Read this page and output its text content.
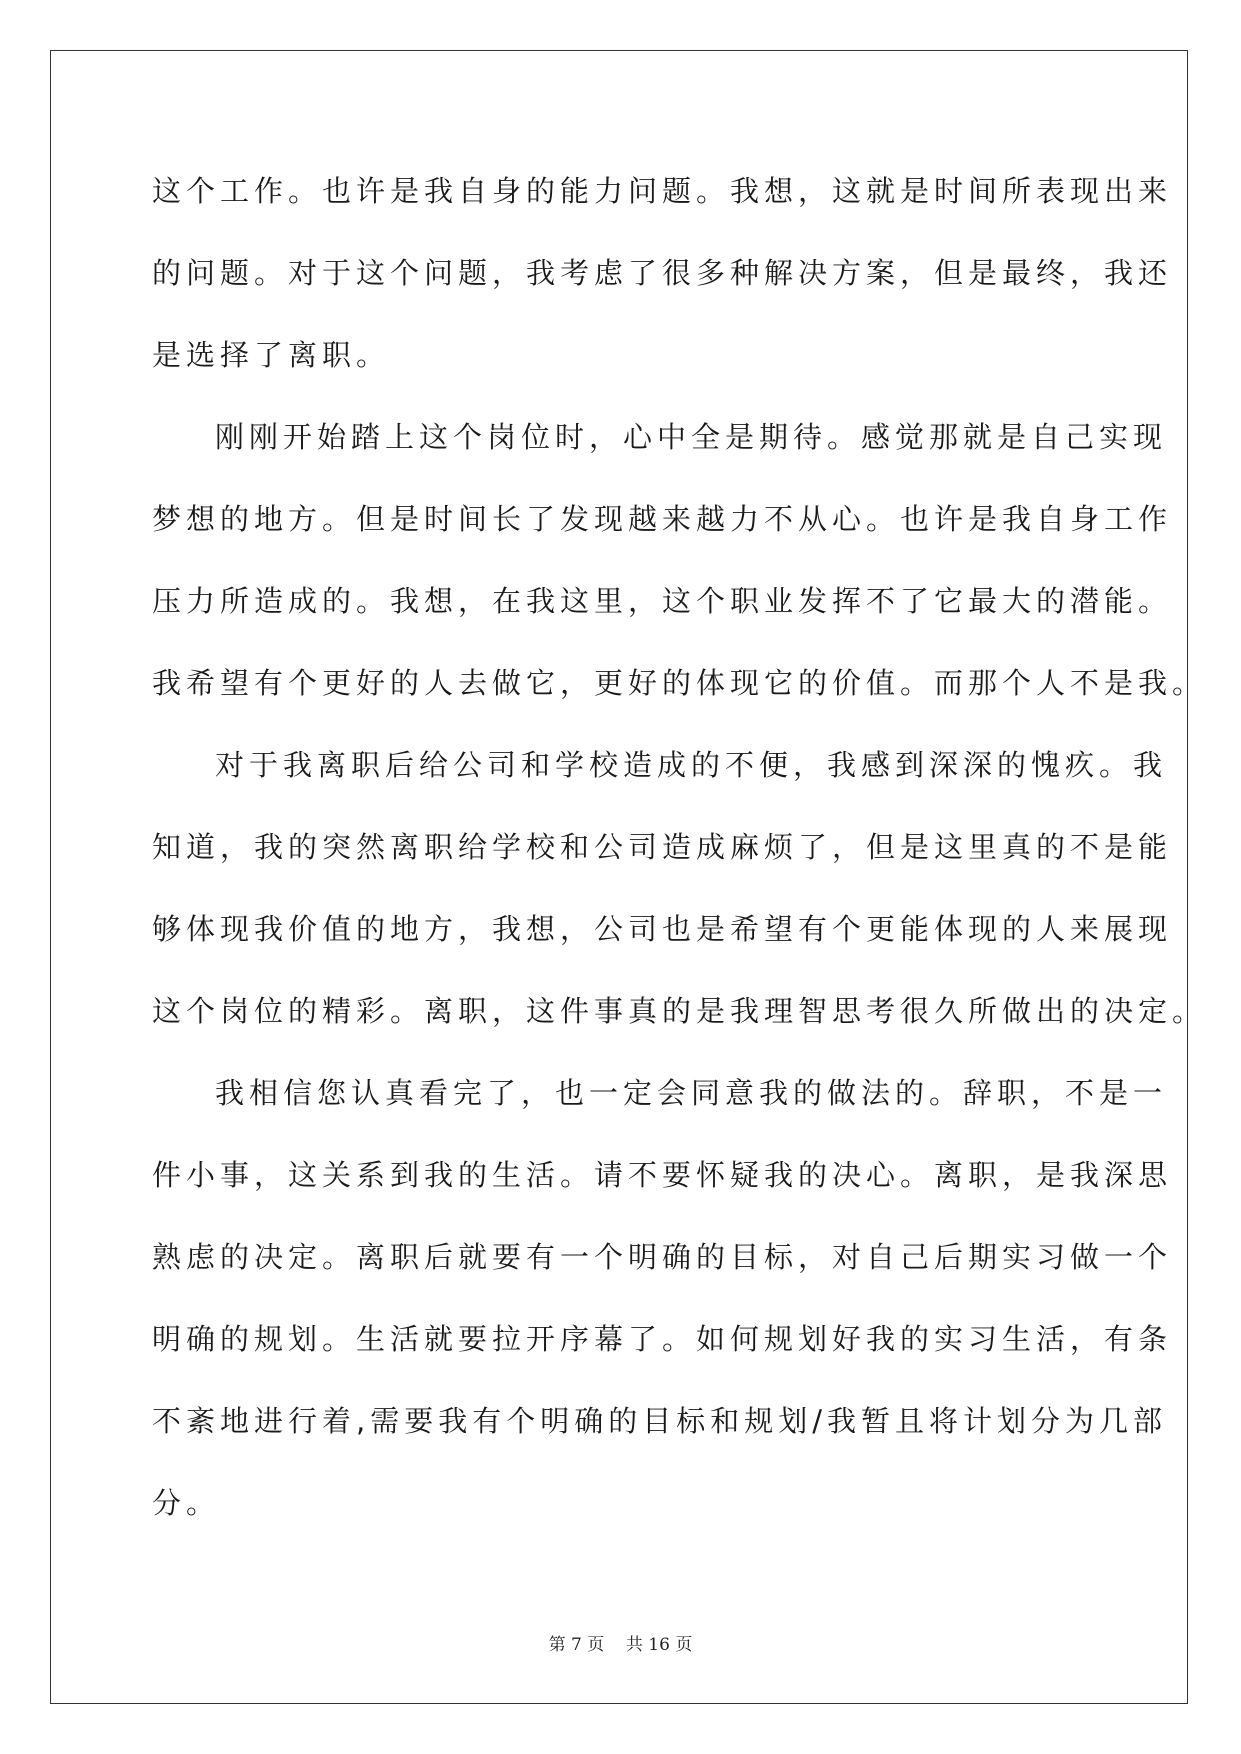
这个工作。也许是我自身的能力问题。我想，这就是时间所表现出来
的问题。对于这个问题，我考虑了很多种解决方案，但是最终，我还
是选择了离职。
刚刚开始踏上这个岗位时，心中全是期待。感觉那就是自己实现
梦想的地方。但是时间长了发现越来越力不从心。也许是我自身工作
压力所造成的。我想，在我这里，这个职业发挥不了它最大的潜能。
我希望有个更好的人去做它，更好的体现它的价值。而那个人不是我。
对于我离职后给公司和学校造成的不便，我感到深深的愧疚。我
知道，我的突然离职给学校和公司造成麻烦了，但是这里真的不是能
够体现我价值的地方，我想，公司也是希望有个更能体现的人来展现
这个岗位的精彩。离职，这件事真的是我理智思考很久所做出的决定。
我相信您认真看完了，也一定会同意我的做法的。辞职，不是一
件小事，这关系到我的生活。请不要怀疑我的决心。离职，是我深思
熟虑的决定。离职后就要有一个明确的目标，对自己后期实习做一个
明确的规划。生活就要拉开序幕了。如何规划好我的实习生活，有条
不紊地进行着,需要我有个明确的目标和规划/我暂且将计划分为几部
分。
第 7 页 共 16 页
